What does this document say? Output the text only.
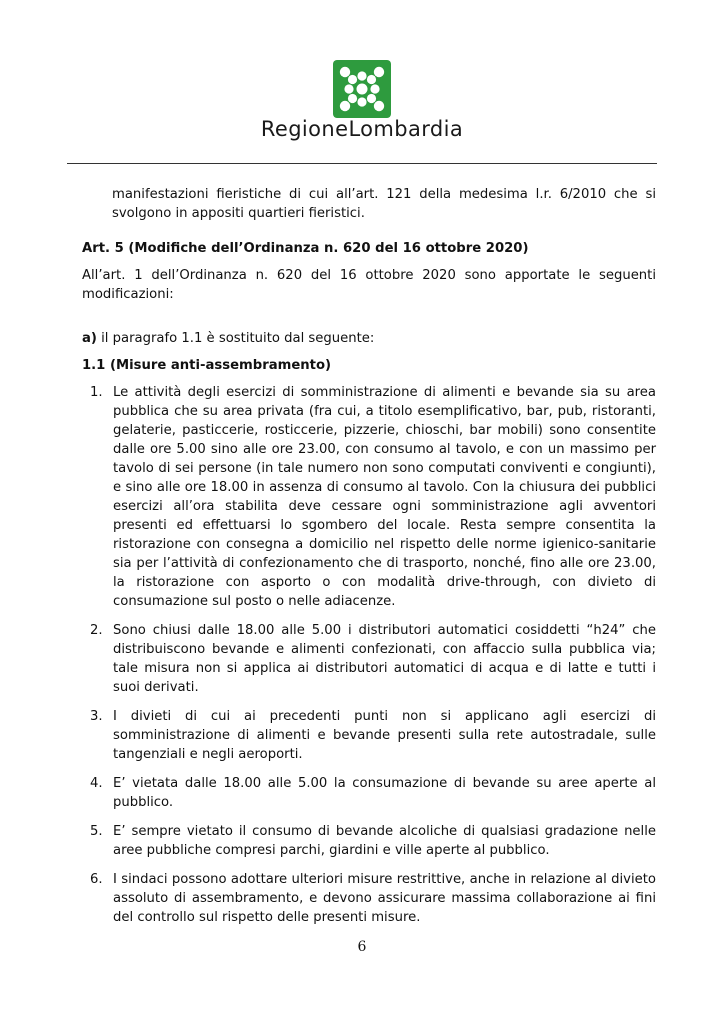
RegioneLombardia

manifestazioni fieristiche di cui all’art. 121 della medesima l.r. 6/2010 che si svolgono in appositi quartieri fieristici.

Art. 5 (Modifiche dell’Ordinanza n. 620 del 16 ottobre 2020)

All’art. 1 dell’Ordinanza n. 620 del 16 ottobre 2020 sono apportate le seguenti modificazioni:

a) il paragrafo 1.1 è sostituito dal seguente:

1.1 (Misure anti-assembramento)

1. Le attività degli esercizi di somministrazione di alimenti e bevande sia su area pubblica che su area privata (fra cui, a titolo esemplificativo, bar, pub, ristoranti, gelaterie, pasticcerie, rosticcerie, pizzerie, chioschi, bar mobili) sono consentite dalle ore 5.00 sino alle ore 23.00, con consumo al tavolo, e con un massimo per tavolo di sei persone (in tale numero non sono computati conviventi e congiunti), e sino alle ore 18.00 in assenza di consumo al tavolo. Con la chiusura dei pubblici esercizi all’ora stabilita deve cessare ogni somministrazione agli avventori presenti ed effettuarsi lo sgombero del locale. Resta sempre consentita la ristorazione con consegna a domicilio nel rispetto delle norme igienico-sanitarie sia per l’attività di confezionamento che di trasporto, nonché, fino alle ore 23.00, la ristorazione con asporto o con modalità drive-through, con divieto di consumazione sul posto o nelle adiacenze.
2. Sono chiusi dalle 18.00 alle 5.00 i distributori automatici cosiddetti “h24” che distribuiscono bevande e alimenti confezionati, con affaccio sulla pubblica via; tale misura non si applica ai distributori automatici di acqua e di latte e tutti i suoi derivati.
3. I divieti di cui ai precedenti punti non si applicano agli esercizi di somministrazione di alimenti e bevande presenti sulla rete autostradale, sulle tangenziali e negli aeroporti.
4. E’ vietata dalle 18.00 alle 5.00 la consumazione di bevande su aree aperte al pubblico.
5. E’ sempre vietato il consumo di bevande alcoliche di qualsiasi gradazione nelle aree pubbliche compresi parchi, giardini e ville aperte al pubblico.
6. I sindaci possono adottare ulteriori misure restrittive, anche in relazione al divieto assoluto di assembramento, e devono assicurare massima collaborazione ai fini del controllo sul rispetto delle presenti misure.
6
